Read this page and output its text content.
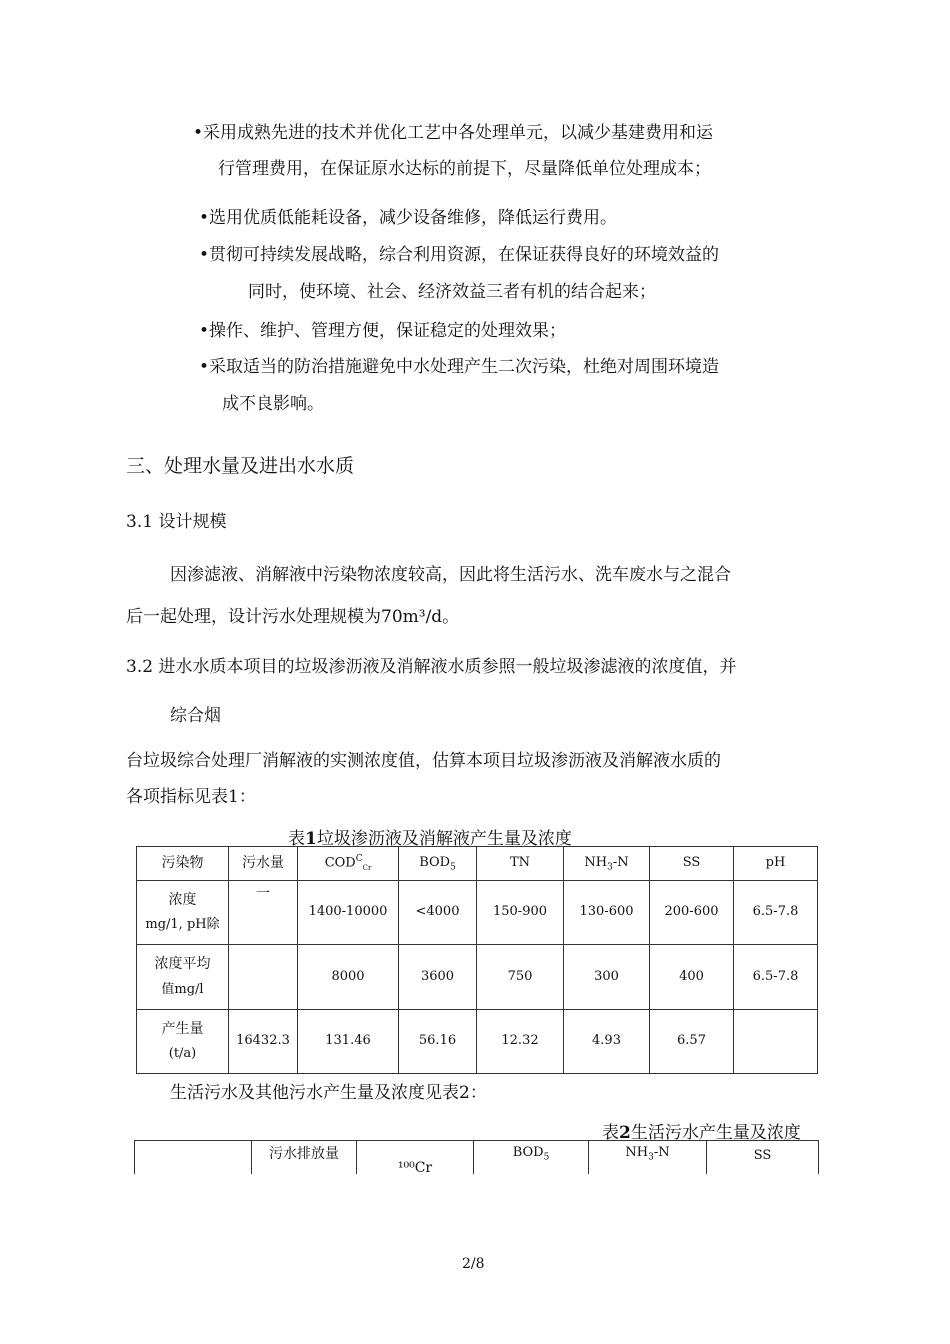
•采用成熟先进的技术并优化工艺中各处理单元，以减少基建费用和运
行管理费用，在保证原水达标的前提下，尽量降低单位处理成本；
•选用优质低能耗设备，减少设备维修，降低运行费用。
•贯彻可持续发展战略，综合利用资源，在保证获得良好的环境效益的
同时，使环境、社会、经济效益三者有机的结合起来；
•操作、维护、管理方便，保证稳定的处理效果；
•采取适当的防治措施避免中水处理产生二次污染，杜绝对周围环境造
成不良影响。
三、处理水量及进出水水质
3.1 设计规模
因渗滤液、消解液中污染物浓度较高，因此将生活污水、洗车废水与之混合
后一起处理，设计污水处理规模为70m³/d。
3.2 进水水质本项目的垃圾渗沥液及消解液水质参照一般垃圾渗滤液的浓度值，并
综合烟
台垃圾综合处理厂消解液的实测浓度值，估算本项目垃圾渗沥液及消解液水质的
各项指标见表1：
表1垃圾渗沥液及消解液产生量及浓度
污染物	污水量	$COD^C_{Cr}$	$BOD_5$	TN	$NH_3-N$	SS	pH

浓度
mg/1, pH除	一	1400-10000	<4000	150-900	130-600	200-600	6.5-7.8

浓度平均
值mg/l		8000	3600	750	300	400	6.5-7.8

产生量
(t/a)	16432.3	131.46	56.16	12.32	4.93	6.57	
生活污水及其他污水产生量及浓度见表2：
表2生活污水产生量及浓度
	污水排放量	¹⁰⁰Cr	$BOD_5$	$NH_3-N$	SS
2/8
